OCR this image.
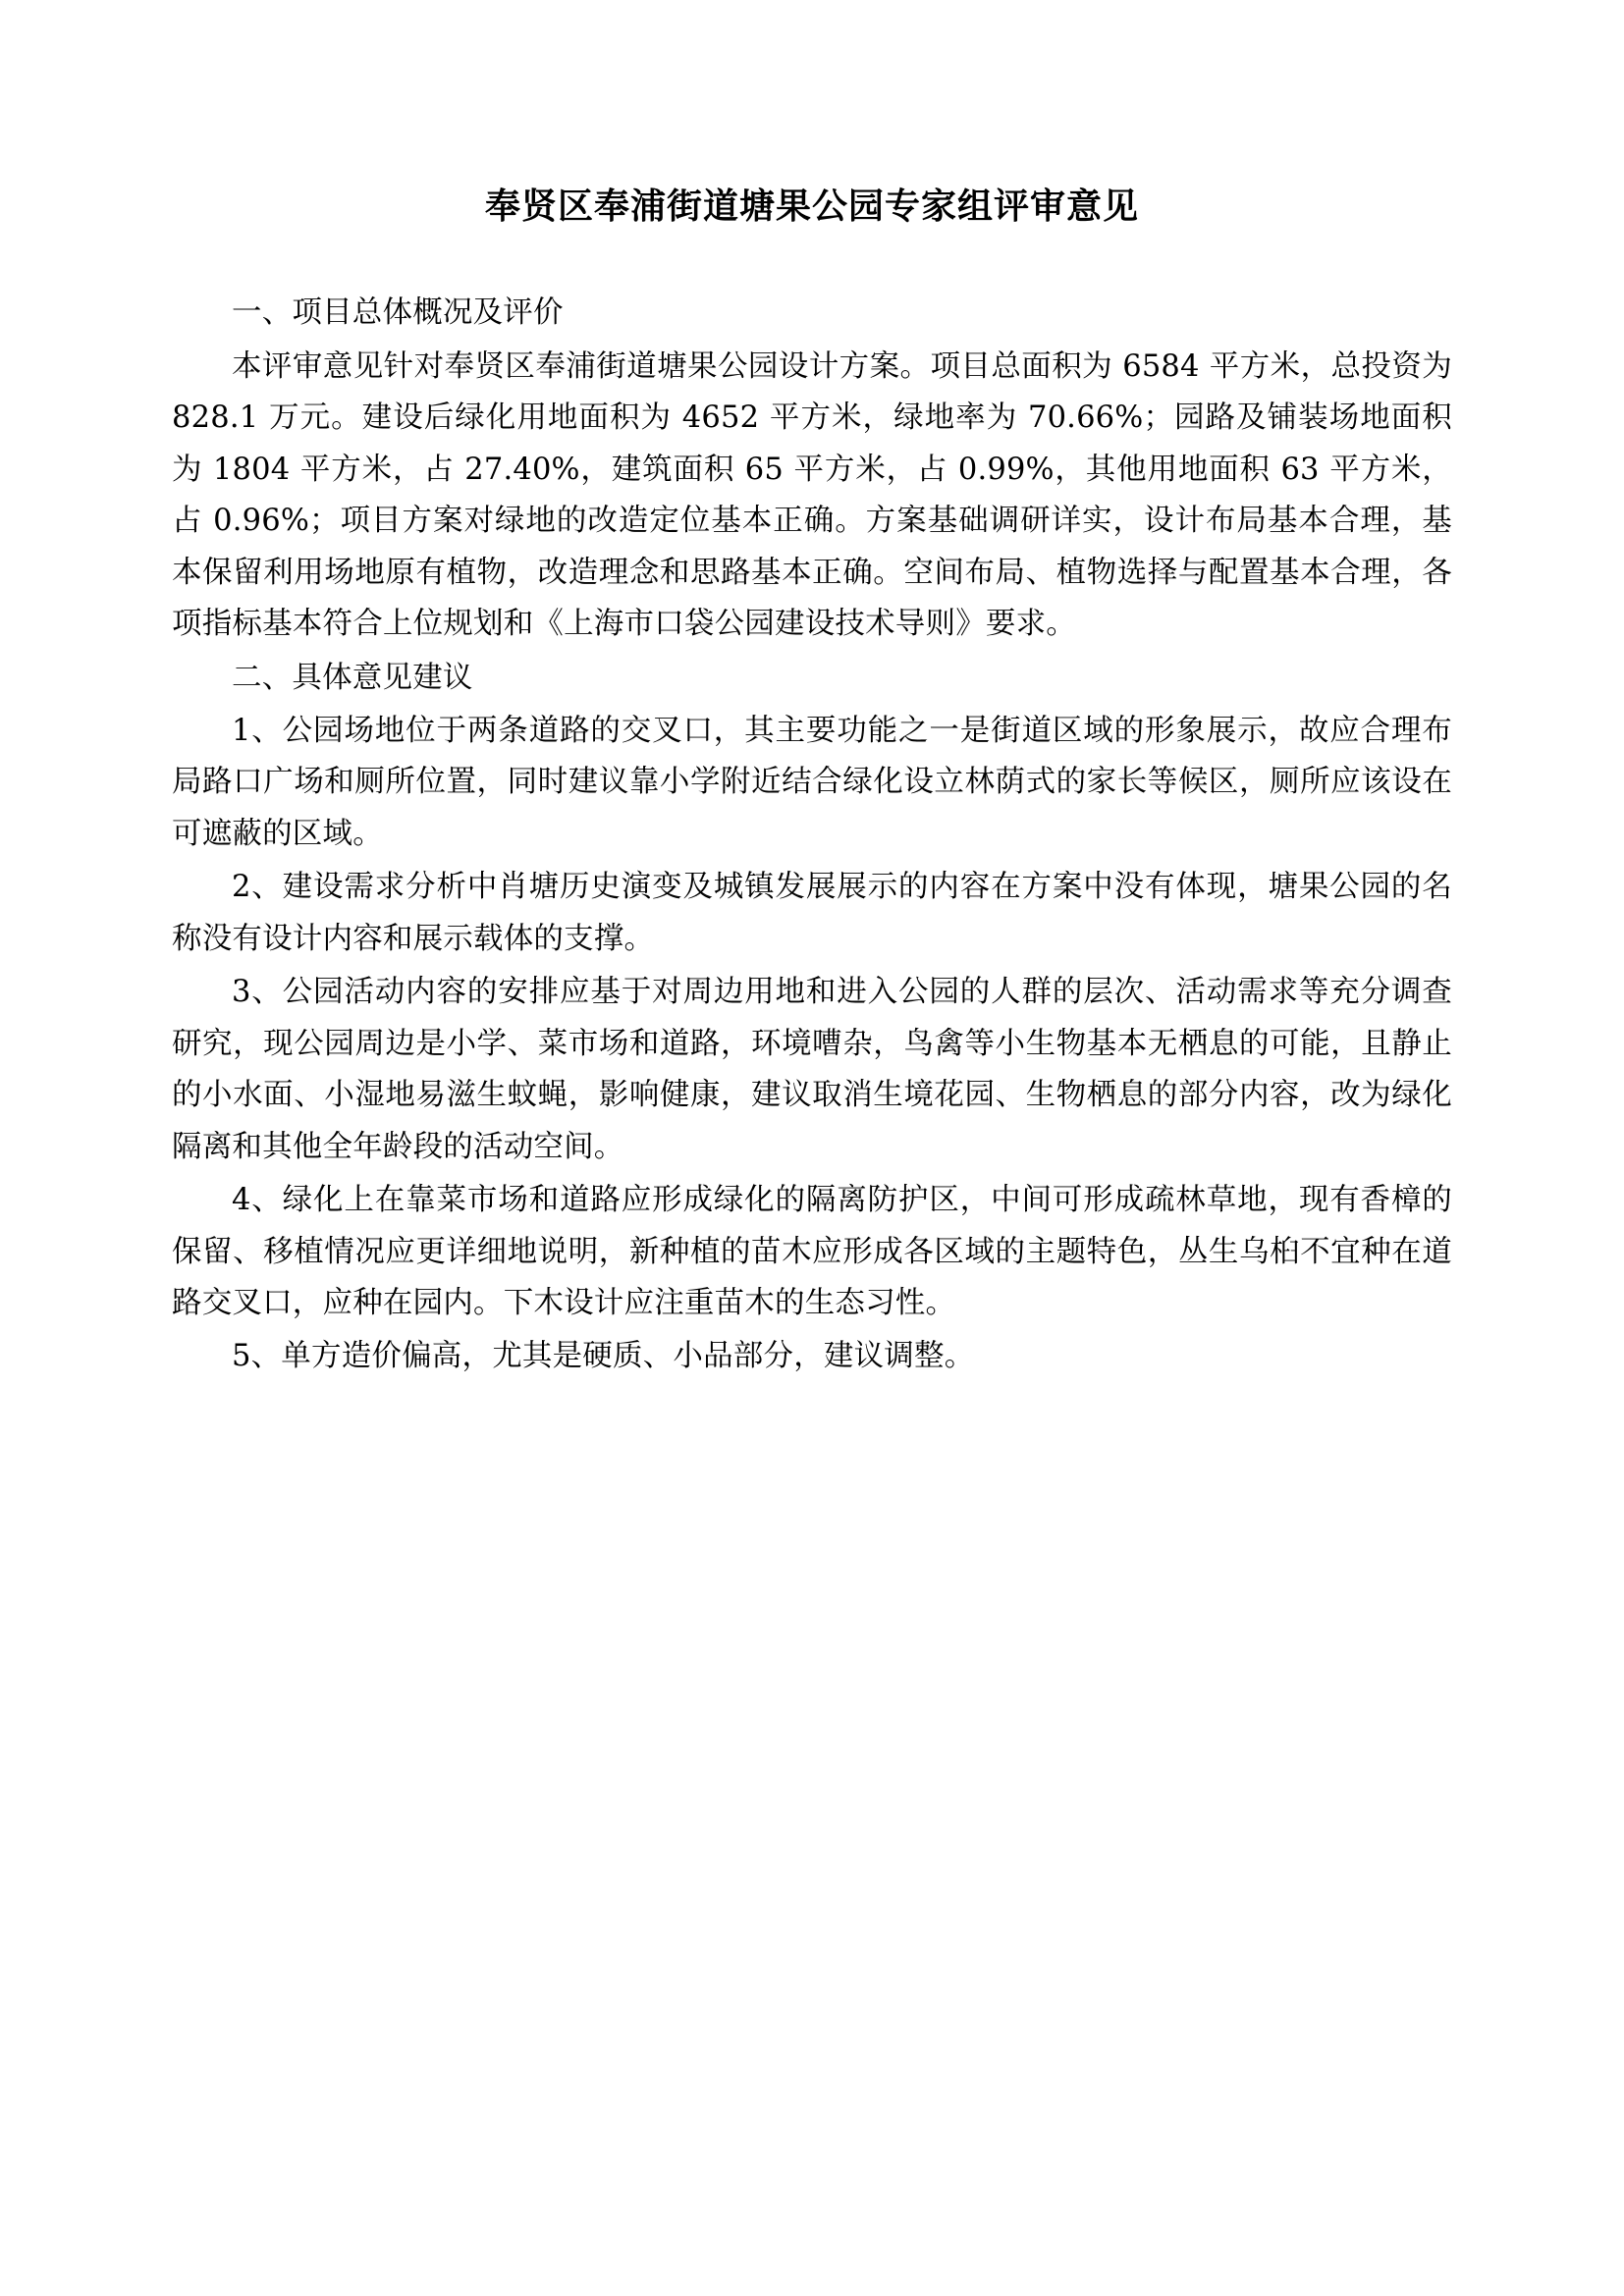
奉贤区奉浦街道塘果公园专家组评审意见

一、项目总体概况及评价

本评审意见针对奉贤区奉浦街道塘果公园设计方案。项目总面积为 6584 平方米，总投资为 828.1 万元。建设后绿化用地面积为 4652 平方米，绿地率为 70.66%；园路及铺装场地面积为 1804 平方米，占 27.40%，建筑面积 65 平方米，占 0.99%，其他用地面积 63 平方米，占 0.96%；项目方案对绿地的改造定位基本正确。方案基础调研详实，设计布局基本合理，基本保留利用场地原有植物，改造理念和思路基本正确。空间布局、植物选择与配置基本合理，各项指标基本符合上位规划和《上海市口袋公园建设技术导则》要求。

二、具体意见建议

1、公园场地位于两条道路的交叉口，其主要功能之一是街道区域的形象展示，故应合理布局路口广场和厕所位置，同时建议靠小学附近结合绿化设立林荫式的家长等候区，厕所应该设在可遮蔽的区域。

2、建设需求分析中肖塘历史演变及城镇发展展示的内容在方案中没有体现，塘果公园的名称没有设计内容和展示载体的支撑。

3、公园活动内容的安排应基于对周边用地和进入公园的人群的层次、活动需求等充分调查研究，现公园周边是小学、菜市场和道路，环境嘈杂，鸟禽等小生物基本无栖息的可能，且静止的小水面、小湿地易滋生蚊蝇，影响健康，建议取消生境花园、生物栖息的部分内容，改为绿化隔离和其他全年龄段的活动空间。

4、绿化上在靠菜市场和道路应形成绿化的隔离防护区，中间可形成疏林草地，现有香樟的保留、移植情况应更详细地说明，新种植的苗木应形成各区域的主题特色，丛生乌桕不宜种在道路交叉口，应种在园内。下木设计应注重苗木的生态习性。

5、单方造价偏高，尤其是硬质、小品部分，建议调整。
